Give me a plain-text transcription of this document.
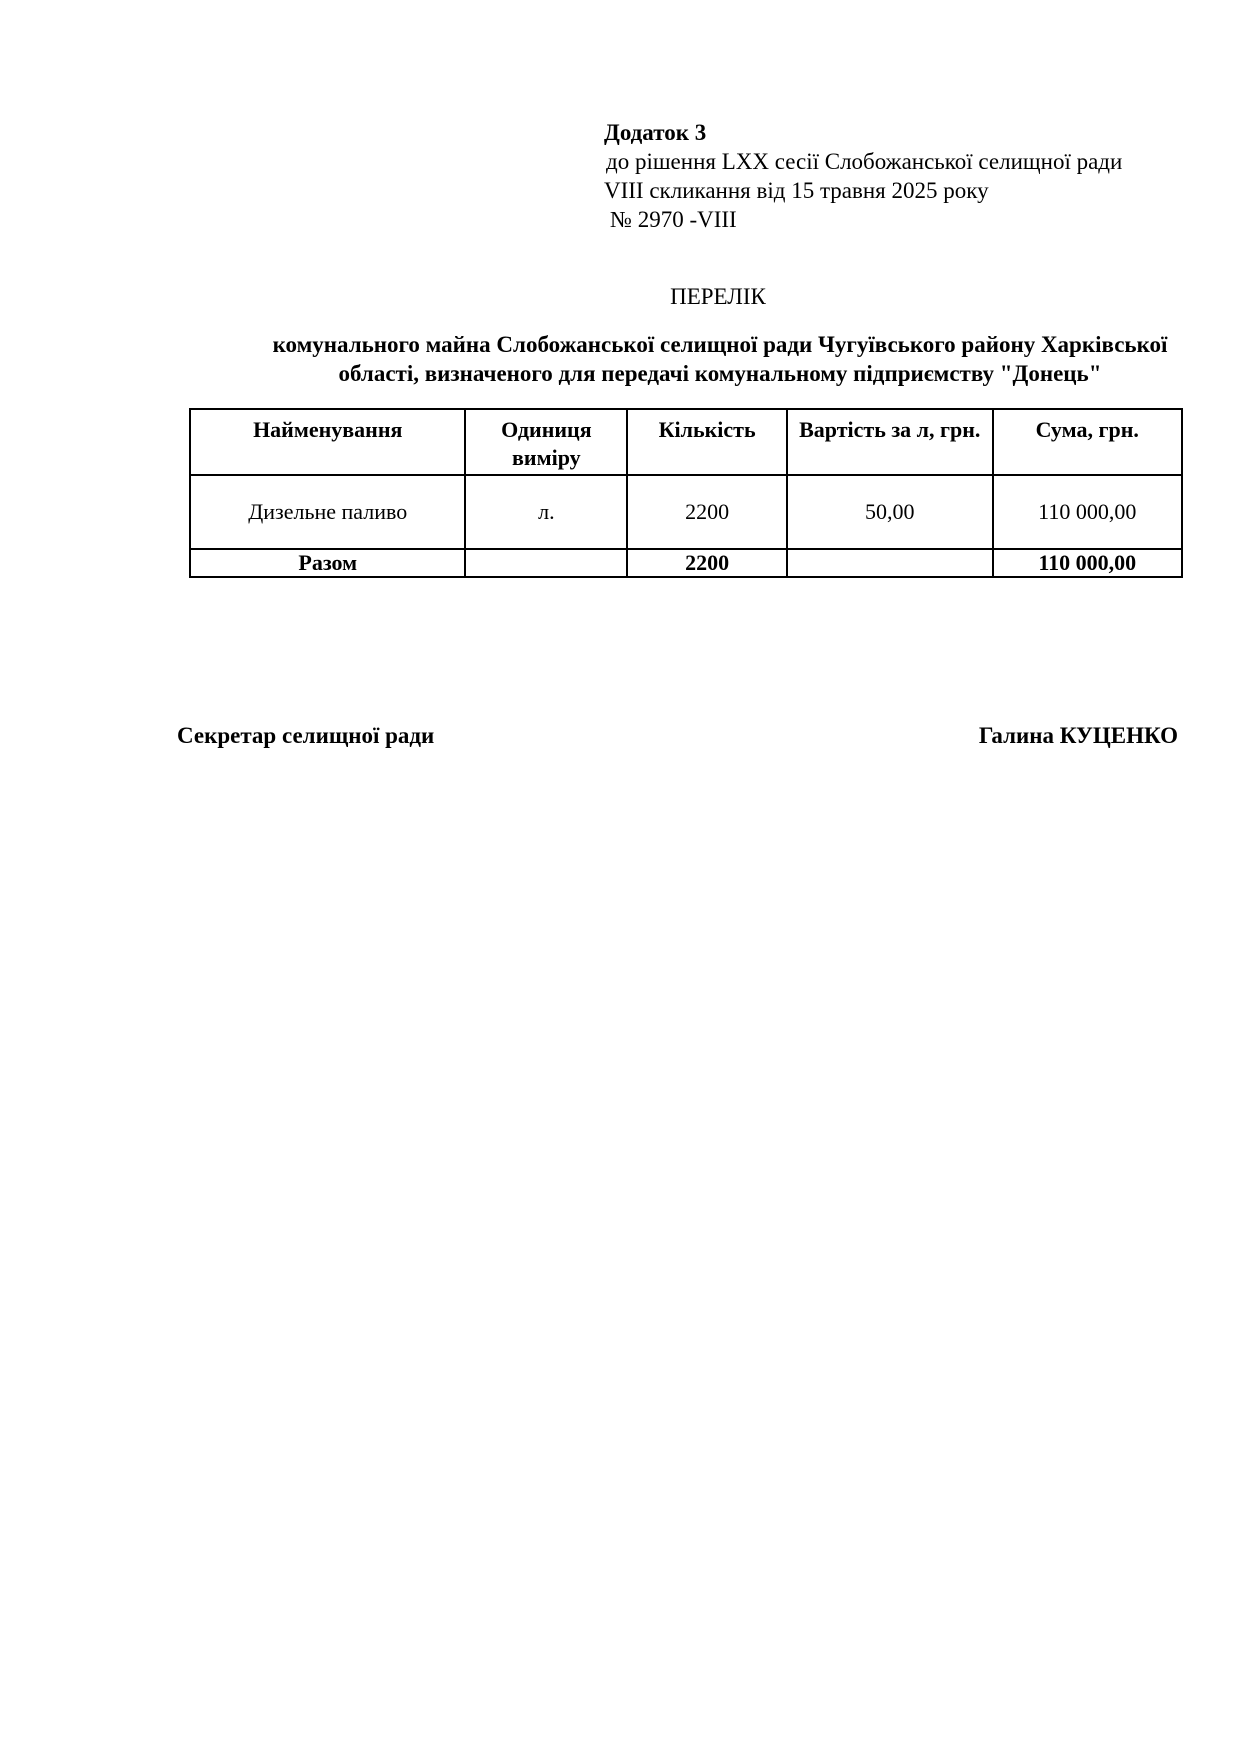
Додаток 3
до рішення LXX сесії Слобожанської селищної ради
VIII скликання від 15 травня 2025 року
№ 2970 -VIII
ПЕРЕЛІК
комунального майна Слобожанської селищної ради Чугуївського району Харківської
області, визначеного для передачі комунальному підприємству "Донець"
Найменування	Одиниця виміру	Кількість	Вартість за л, грн.	Сума, грн.
Дизельне паливо	л.	2200	50,00	110 000,00
Разом		2200		110 000,00
Секретар селищної ради	Галина КУЦЕНКО
